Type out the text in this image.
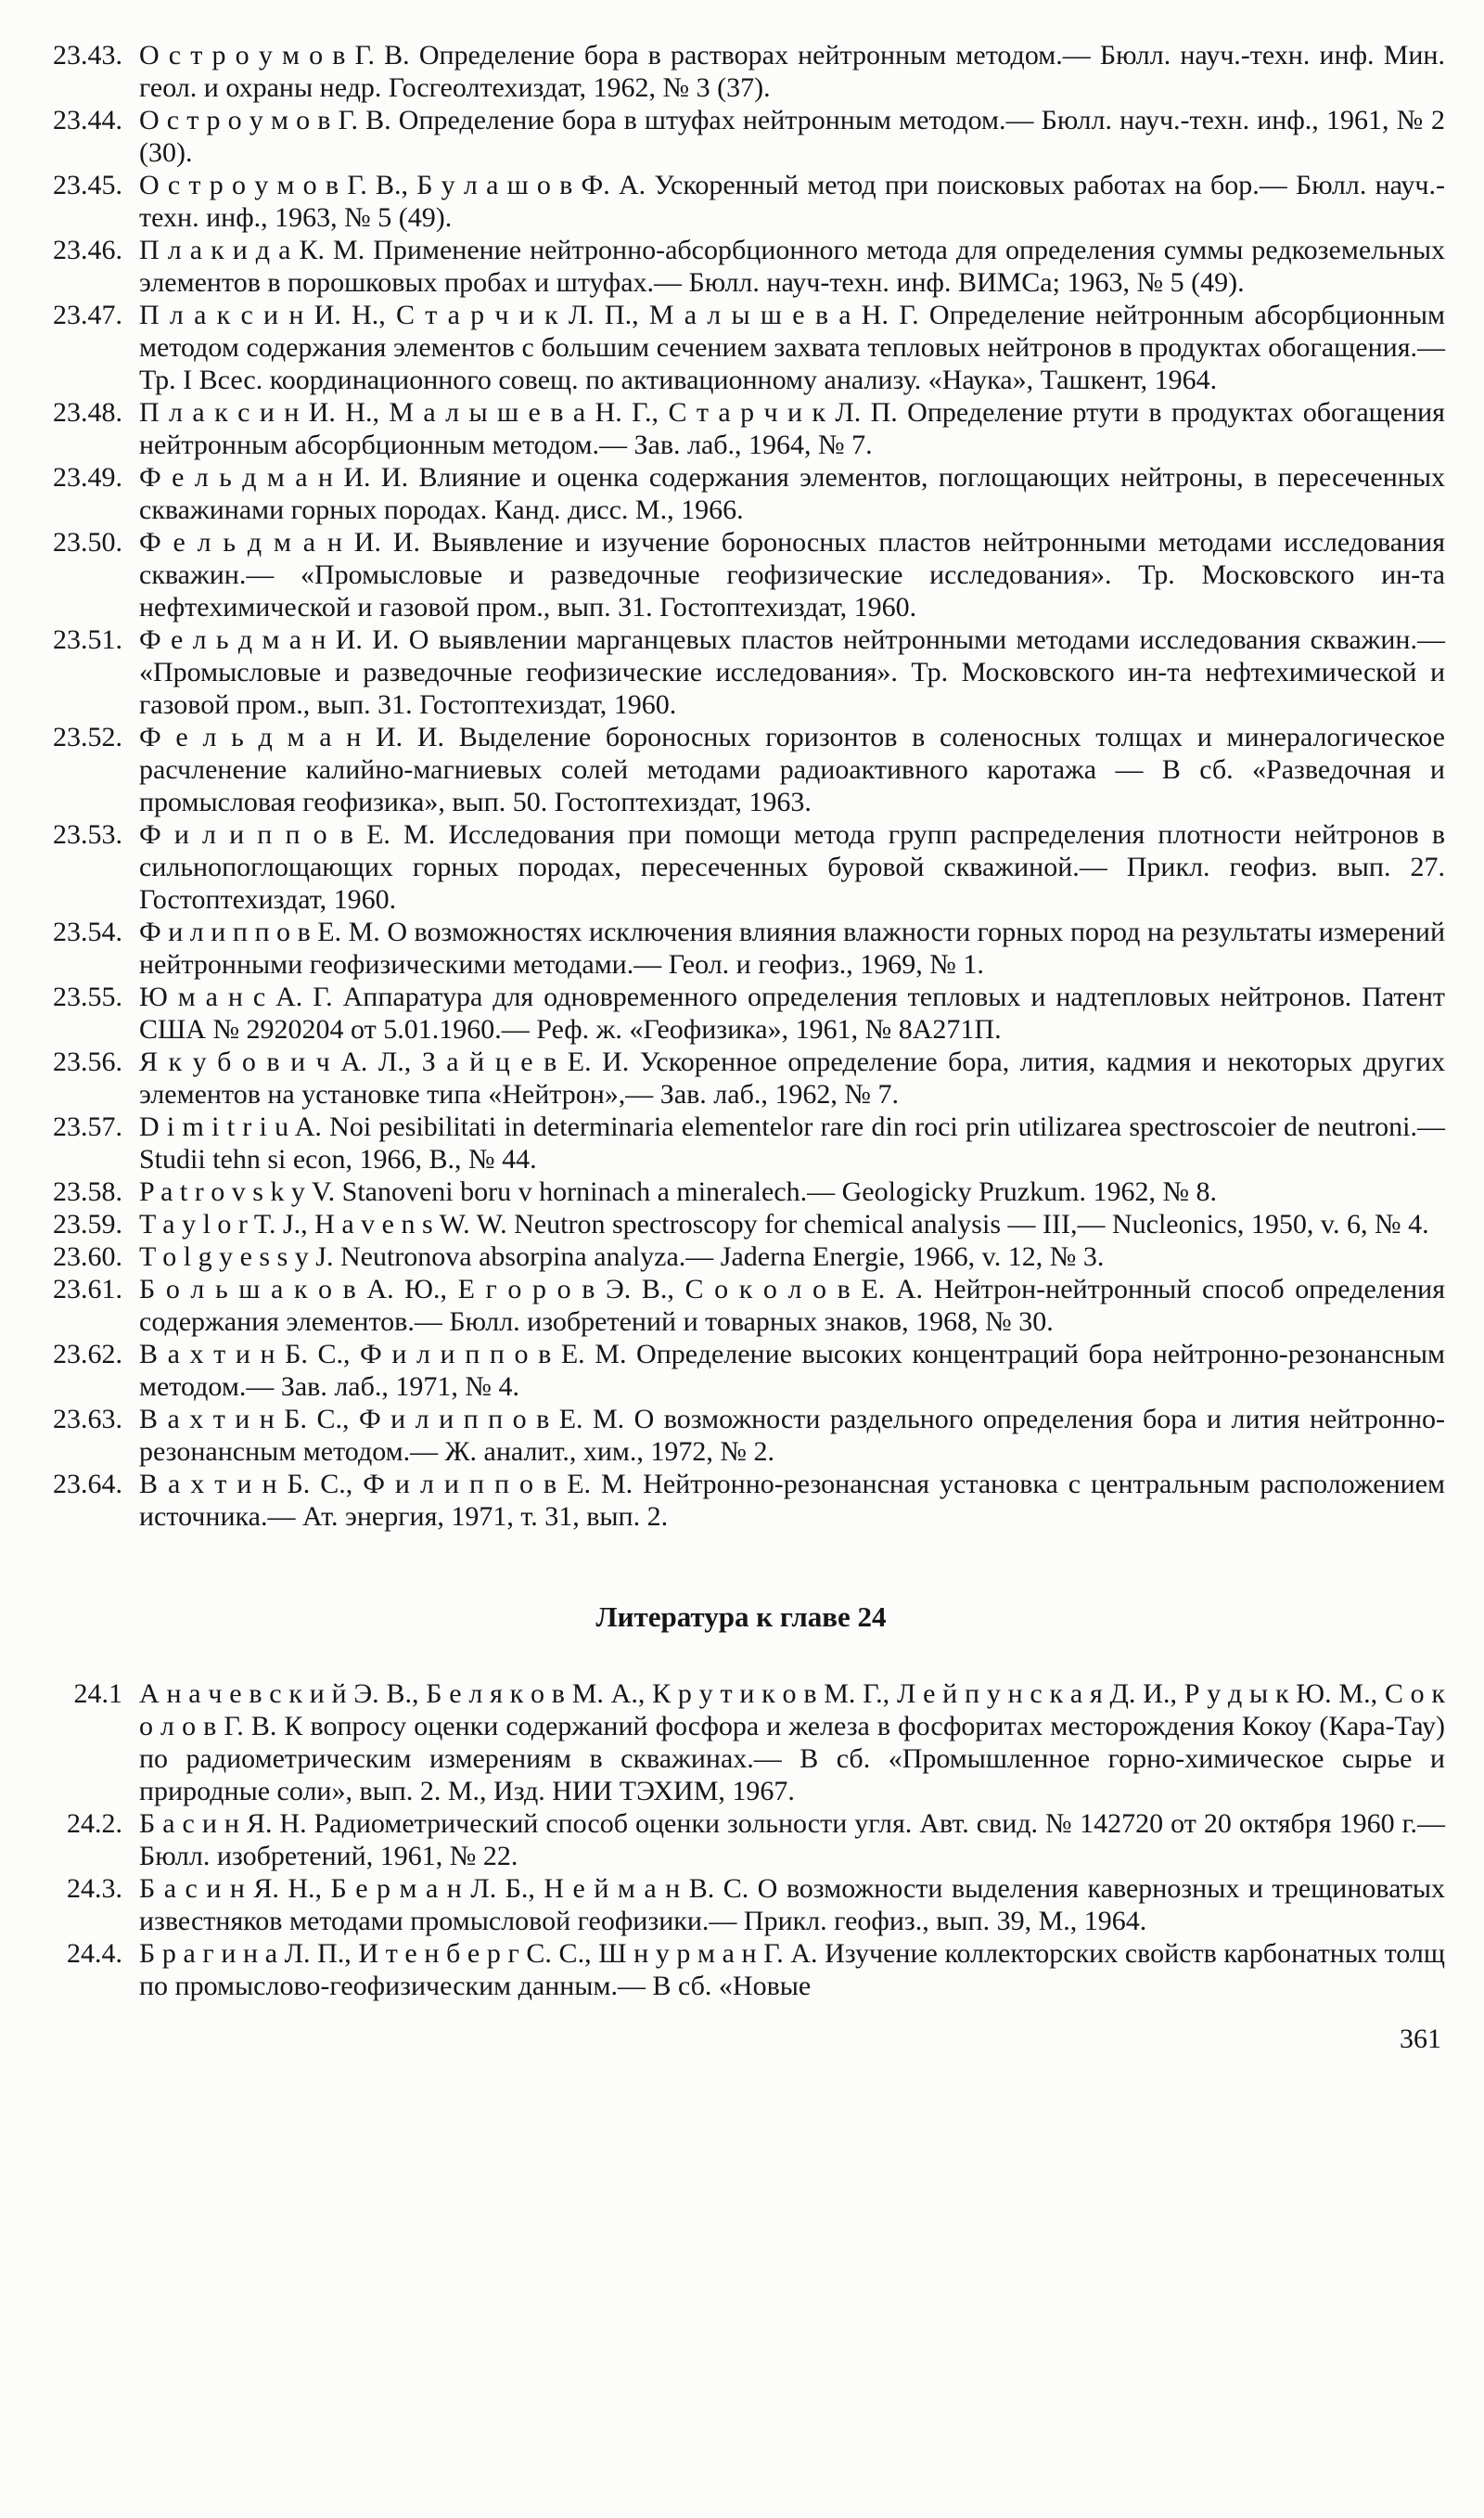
23.43. О с т р о у м о в Г. В. Определение бора в растворах нейтронным методом.— Бюлл. науч.-техн. инф. Мин. геол. и охраны недр. Госгеолтехиздат, 1962, № 3 (37).
23.44. О с т р о у м о в Г. В. Определение бора в штуфах нейтронным методом.— Бюлл. науч.-техн. инф., 1961, № 2 (30).
23.45. О с т р о у м о в Г. В., Б у л а ш о в Ф. А. Ускоренный метод при поисковых работах на бор.— Бюлл. науч.-техн. инф., 1963, № 5 (49).
23.46. П л а к и д а К. М. Применение нейтронно-абсорбционного метода для определения суммы редкоземельных элементов в порошковых пробах и штуфах.— Бюлл. науч-техн. инф. ВИМСа; 1963, № 5 (49).
23.47. П л а к с и н И. Н., С т а р ч и к Л. П., М а л ы ш е в а Н. Г. Определение нейтронным абсорбционным методом содержания элементов с большим сечением захвата тепловых нейтронов в продуктах обогащения.— Тр. I Всес. координационного совещ. по активационному анализу. «Наука», Ташкент, 1964.
23.48. П л а к с и н И. Н., М а л ы ш е в а Н. Г., С т а р ч и к Л. П. Определение ртути в продуктах обогащения нейтронным абсорбционным методом.— Зав. лаб., 1964, № 7.
23.49. Ф е л ь д м а н И. И. Влияние и оценка содержания элементов, поглощающих нейтроны, в пересеченных скважинами горных породах. Канд. дисс. М., 1966.
23.50. Ф е л ь д м а н И. И. Выявление и изучение бороносных пластов нейтронными методами исследования скважин.— «Промысловые и разведочные геофизические исследования». Тр. Московского ин-та нефтехимической и газовой пром., вып. 31. Гостоптехиздат, 1960.
23.51. Ф е л ь д м а н И. И. О выявлении марганцевых пластов нейтронными методами исследования скважин.— «Промысловые и разведочные геофизические исследования». Тр. Московского ин-та нефтехимической и газовой пром., вып. 31. Гостоптехиздат, 1960.
23.52. Ф е л ь д м а н И. И. Выделение бороносных горизонтов в соленосных толщах и минералогическое расчленение калийно-магниевых солей методами радиоактивного каротажа — В сб. «Разведочная и промысловая геофизика», вып. 50. Гостоптехиздат, 1963.
23.53. Ф и л и п п о в Е. М. Исследования при помощи метода групп распределения плотности нейтронов в сильнопоглощающих горных породах, пересеченных буровой скважиной.— Прикл. геофиз. вып. 27. Гостоптехиздат, 1960.
23.54. Ф и л и п п о в Е. М. О возможностях исключения влияния влажности горных пород на результаты измерений нейтронными геофизическими методами.— Геол. и геофиз., 1969, № 1.
23.55. Ю м а н с А. Г. Аппаратура для одновременного определения тепловых и надтепловых нейтронов. Патент США № 2920204 от 5.01.1960.— Реф. ж. «Геофизика», 1961, № 8А271П.
23.56. Я к у б о в и ч А. Л., З а й ц е в Е. И. Ускоренное определение бора, лития, кадмия и некоторых других элементов на установке типа «Нейтрон»,— Зав. лаб., 1962, № 7.
23.57. D i m i t r i u A. Noi pesibilitati in determinaria elementelor rare din roci prin utilizarea spectroscoier de neutroni.— Studii tehn si econ, 1966, B., № 44.
23.58. P a t r o v s k y V. Stanoveni boru v horninach a mineralech.— Geologicky Pruzkum. 1962, № 8.
23.59. T a y l o r T. J., H a v e n s W. W. Neutron spectroscopy for chemical analysis — III,— Nucleonics, 1950, v. 6, № 4.
23.60. T o l g y e s s y J. Neutronova absorpina analyza.— Jaderna Energie, 1966, v. 12, № 3.
23.61. Б о л ь ш а к о в А. Ю., Е г о р о в Э. В., С о к о л о в Е. А. Нейтрон-нейтронный способ определения содержания элементов.— Бюлл. изобретений и товарных знаков, 1968, № 30.
23.62. В а х т и н Б. С., Ф и л и п п о в Е. М. Определение высоких концентраций бора нейтронно-резонансным методом.— Зав. лаб., 1971, № 4.
23.63. В а х т и н Б. С., Ф и л и п п о в Е. М. О возможности раздельного определения бора и лития нейтронно-резонансным методом.— Ж. аналит., хим., 1972, № 2.
23.64. В а х т и н Б. С., Ф и л и п п о в Е. М. Нейтронно-резонансная установка с центральным расположением источника.— Ат. энергия, 1971, т. 31, вып. 2.
Литература к главе 24
24.1 А н а ч е в с к и й Э. В., Б е л я к о в М. А., К р у т и к о в М. Г., Л е й п у н с к а я Д. И., Р у д ы к Ю. М., С о к о л о в Г. В. К вопросу оценки содержаний фосфора и железа в фосфоритах месторождения Кокоу (Кара-Тау) по радиометрическим измерениям в скважинах.— В сб. «Промышленное горно-химическое сырье и природные соли», вып. 2. М., Изд. НИИ ТЭХИМ, 1967.
24.2. Б а с и н Я. Н. Радиометрический способ оценки зольности угля. Авт. свид. № 142720 от 20 октября 1960 г.— Бюлл. изобретений, 1961, № 22.
24.3. Б а с и н Я. Н., Б е р м а н Л. Б., Н е й м а н В. С. О возможности выделения кавернозных и трещиноватых известняков методами промысловой геофизики.— Прикл. геофиз., вып. 39, М., 1964.
24.4. Б р а г и н а Л. П., И т е н б е р г С. С., Ш н у р м а н Г. А. Изучение коллекторских свойств карбонатных толщ по промыслово-геофизическим данным.— В сб. «Новые
361
